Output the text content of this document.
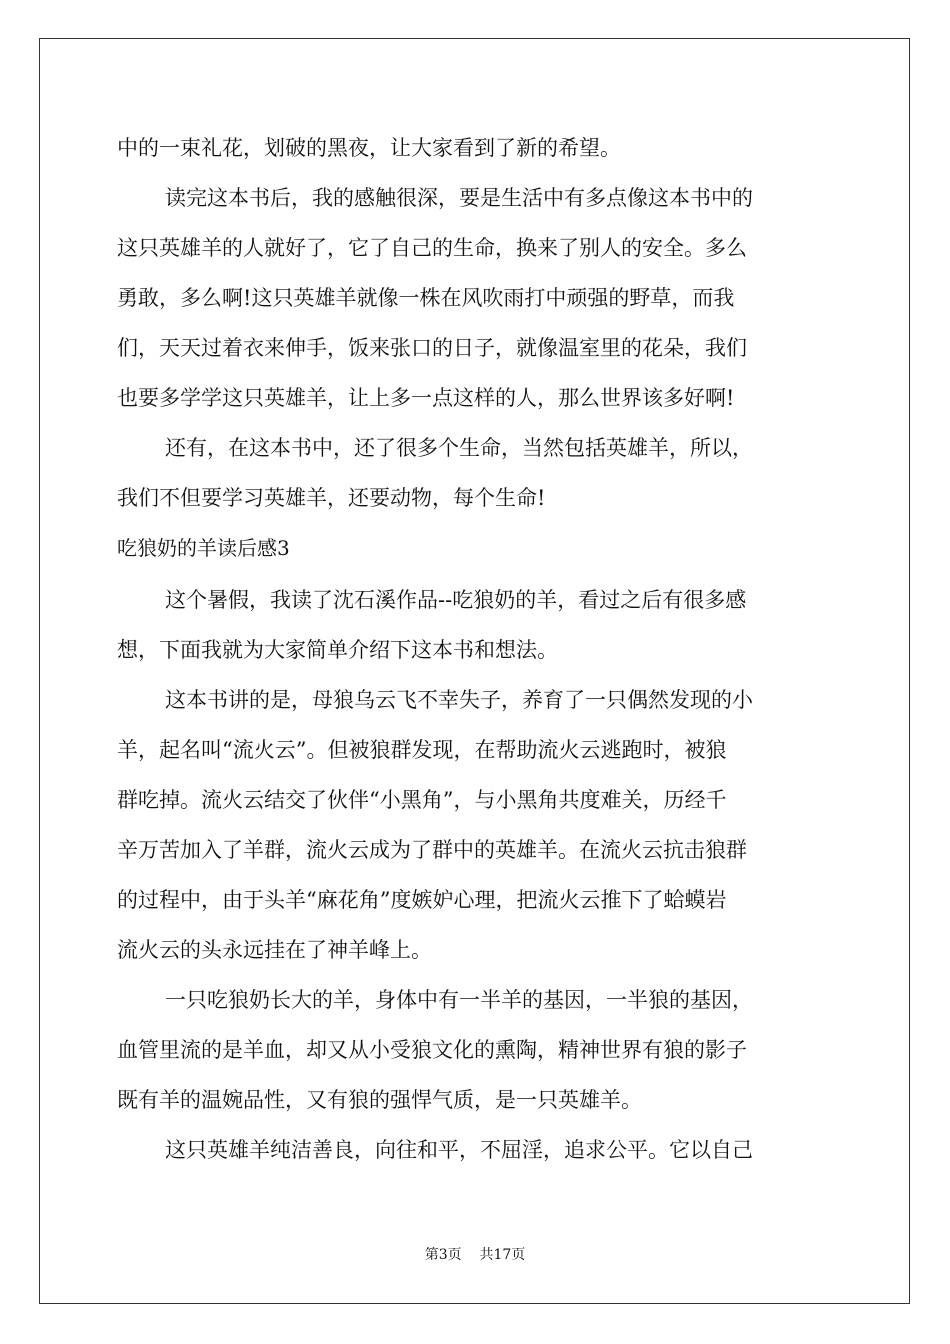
中的一束礼花，划破的黑夜，让大家看到了新的希望。
读完这本书后，我的感触很深，要是生活中有多点像这本书中的
这只英雄羊的人就好了，它了自己的生命，换来了别人的安全。多么
勇敢，多么啊!这只英雄羊就像一株在风吹雨打中顽强的野草，而我
们，天天过着衣来伸手，饭来张口的日子，就像温室里的花朵，我们
也要多学学这只英雄羊，让上多一点这样的人，那么世界该多好啊!
还有，在这本书中，还了很多个生命，当然包括英雄羊，所以，
我们不但要学习英雄羊，还要动物，每个生命!
吃狼奶的羊读后感3
这个暑假，我读了沈石溪作品--吃狼奶的羊，看过之后有很多感
想，下面我就为大家简单介绍下这本书和想法。
这本书讲的是，母狼乌云飞不幸失子，养育了一只偶然发现的小
羊，起名叫“流火云”。但被狼群发现，在帮助流火云逃跑时，被狼
群吃掉。流火云结交了伙伴“小黑角”，与小黑角共度难关，历经千
辛万苦加入了羊群，流火云成为了群中的英雄羊。在流火云抗击狼群
的过程中，由于头羊“麻花角”度嫉妒心理，把流火云推下了蛤蟆岩
流火云的头永远挂在了神羊峰上。
一只吃狼奶长大的羊，身体中有一半羊的基因，一半狼的基因，
血管里流的是羊血，却又从小受狼文化的熏陶，精神世界有狼的影子
既有羊的温婉品性，又有狼的强悍气质，是一只英雄羊。
这只英雄羊纯洁善良，向往和平，不屈淫，追求公平。它以自己
第3页    共17页
